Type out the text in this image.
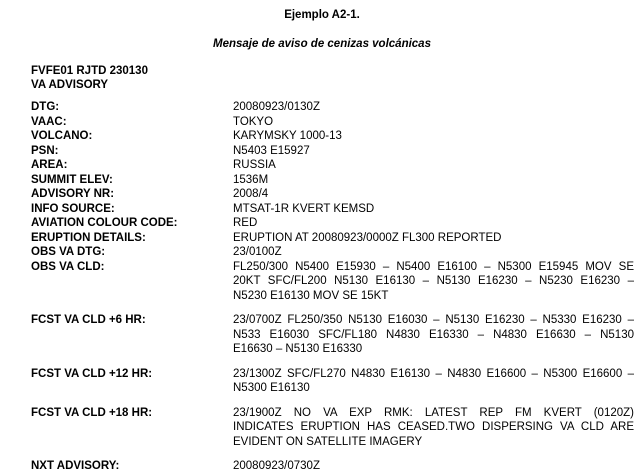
Ejemplo A2-1.
Mensaje de aviso de cenizas volcánicas
FVFE01 RJTD 230130
VA ADVISORY
DTG:	20080923/0130Z
VAAC:	TOKYO
VOLCANO:	KARYMSKY 1000-13
PSN:	N5403 E15927
AREA:	RUSSIA
SUMMIT ELEV:	1536M
ADVISORY NR:	2008/4
INFO SOURCE:	MTSAT-1R KVERT KEMSD
AVIATION COLOUR CODE:	RED
ERUPTION DETAILS:	ERUPTION AT 20080923/0000Z FL300 REPORTED
OBS VA DTG:	23/0100Z
OBS VA CLD:	FL250/300 N5400 E15930 – N5400 E16100 – N5300 E15945 MOV SE
20KT SFC/FL200 N5130 E16130 – N5130 E16230 – N5230 E16230 –
N5230 E16130 MOV SE 15KT
FCST VA CLD +6 HR:	23/0700Z FL250/350 N5130 E16030 – N5130 E16230 – N5330 E16230 –
N533 E16030 SFC/FL180 N4830 E16330 – N4830 E16630 – N5130
E16630 – N5130 E16330
FCST VA CLD +12 HR:	23/1300Z SFC/FL270 N4830 E16130 – N4830 E16600 – N5300 E16600 –
N5300 E16130
FCST VA CLD +18 HR:	23/1900Z NO VA EXP RMK: LATEST REP FM KVERT (0120Z)
INDICATES ERUPTION HAS CEASED.TWO DISPERSING VA CLD ARE
EVIDENT ON SATELLITE IMAGERY
NXT ADVISORY:	20080923/0730Z
